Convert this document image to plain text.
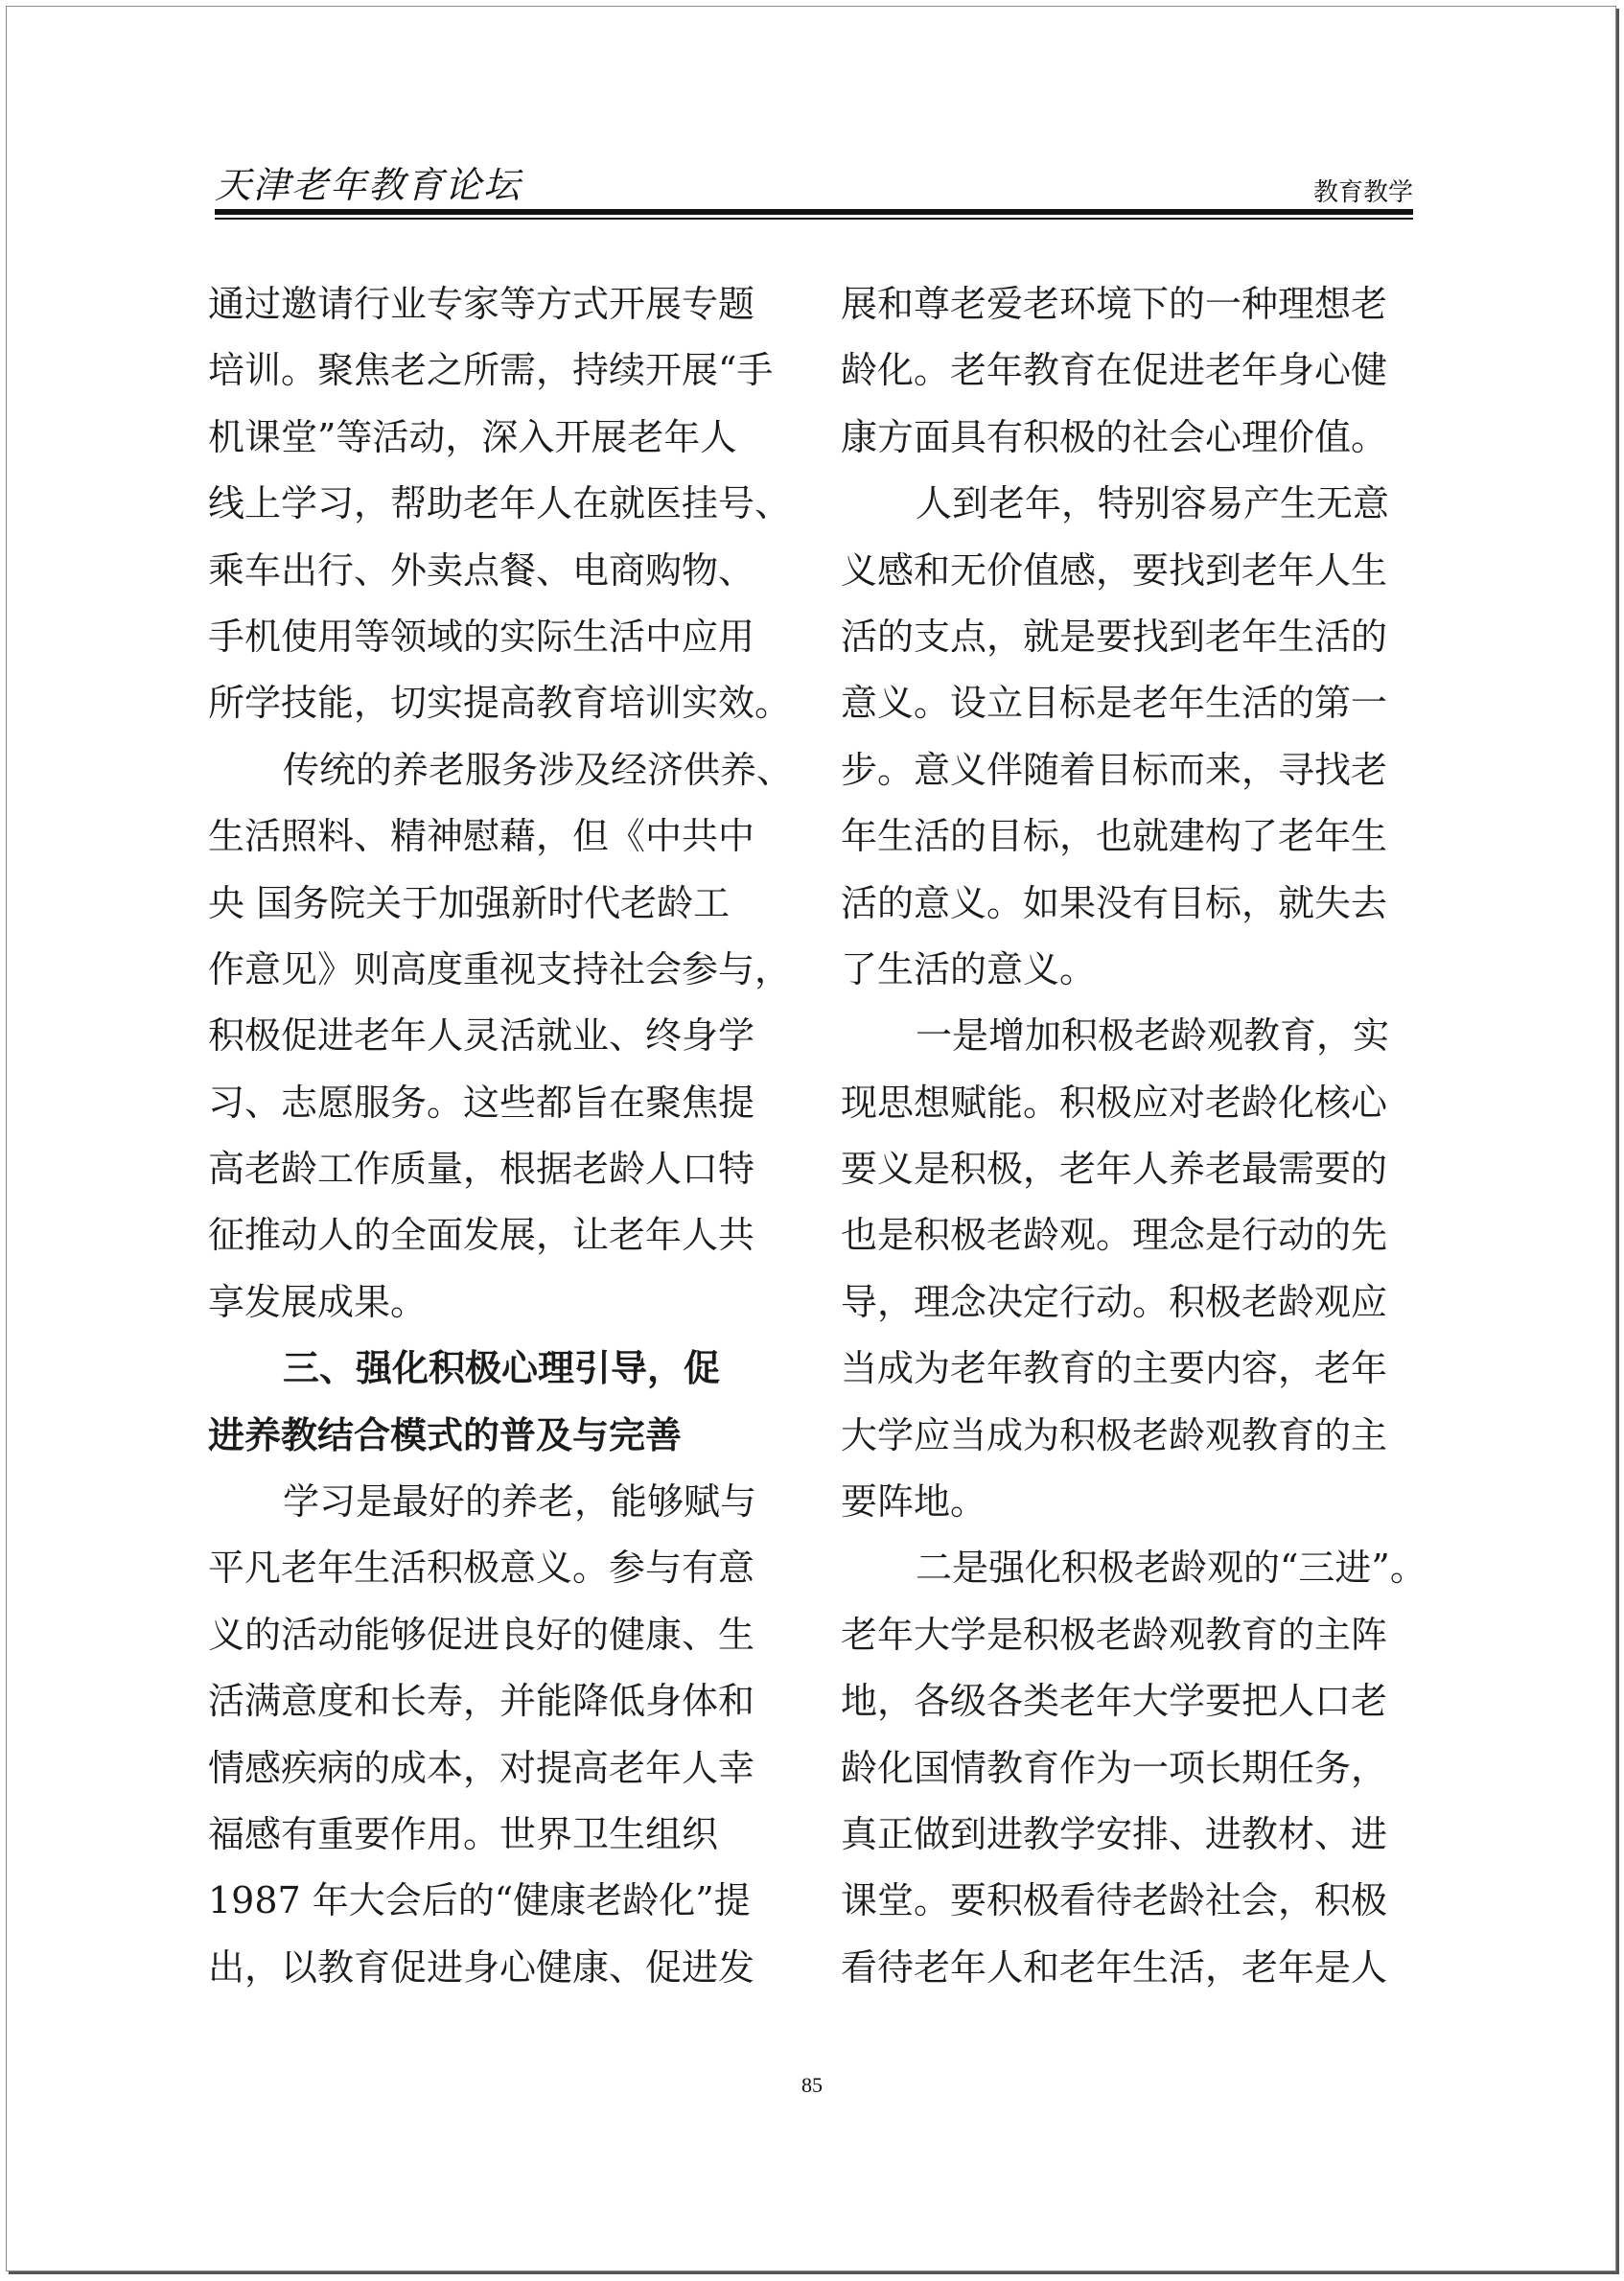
天津老年教育论坛	教育教学
通过邀请行业专家等方式开展专题
培训。聚焦老之所需，持续开展“手
机课堂”等活动，深入开展老年人
线上学习，帮助老年人在就医挂号、
乘车出行、外卖点餐、电商购物、
手机使用等领域的实际生活中应用
所学技能，切实提高教育培训实效。
传统的养老服务涉及经济供养、
生活照料、精神慰藉，但《中共中
央 国务院关于加强新时代老龄工
作意见》则高度重视支持社会参与，
积极促进老年人灵活就业、终身学
习、志愿服务。这些都旨在聚焦提
高老龄工作质量，根据老龄人口特
征推动人的全面发展，让老年人共
享发展成果。
三、强化积极心理引导，促
进养教结合模式的普及与完善
学习是最好的养老，能够赋与
平凡老年生活积极意义。参与有意
义的活动能够促进良好的健康、生
活满意度和长寿，并能降低身体和
情感疾病的成本，对提高老年人幸
福感有重要作用。世界卫生组织
1987 年大会后的“健康老龄化”提
出，以教育促进身心健康、促进发
展和尊老爱老环境下的一种理想老
龄化。老年教育在促进老年身心健
康方面具有积极的社会心理价值。
人到老年，特别容易产生无意
义感和无价值感，要找到老年人生
活的支点，就是要找到老年生活的
意义。设立目标是老年生活的第一
步。意义伴随着目标而来，寻找老
年生活的目标，也就建构了老年生
活的意义。如果没有目标，就失去
了生活的意义。
一是增加积极老龄观教育，实
现思想赋能。积极应对老龄化核心
要义是积极，老年人养老最需要的
也是积极老龄观。理念是行动的先
导，理念决定行动。积极老龄观应
当成为老年教育的主要内容，老年
大学应当成为积极老龄观教育的主
要阵地。
二是强化积极老龄观的“三进”。
老年大学是积极老龄观教育的主阵
地，各级各类老年大学要把人口老
龄化国情教育作为一项长期任务，
真正做到进教学安排、进教材、进
课堂。要积极看待老龄社会，积极
看待老年人和老年生活，老年是人
85
